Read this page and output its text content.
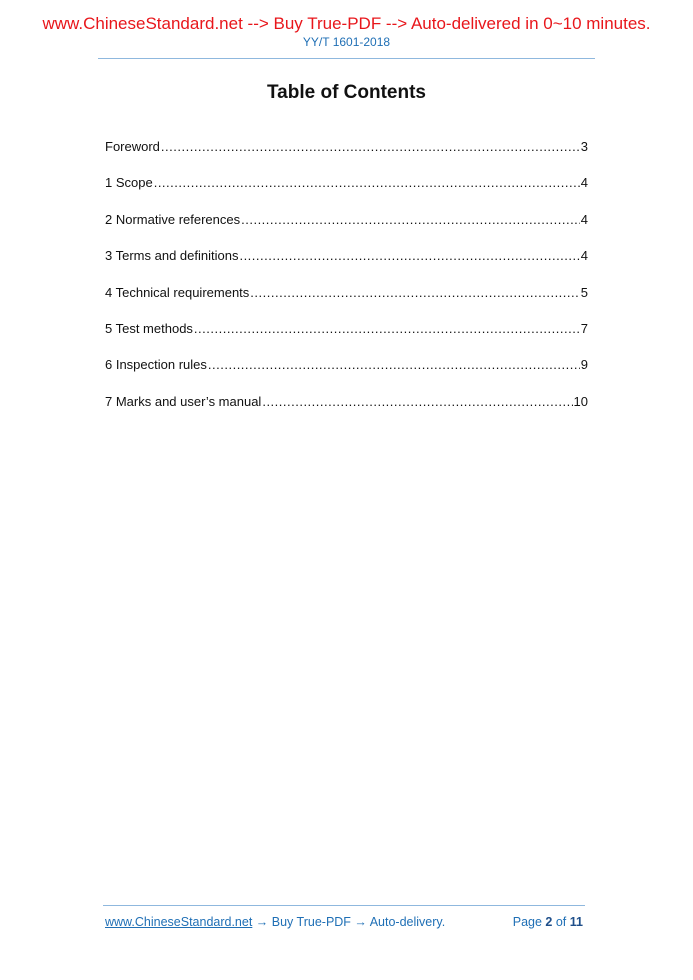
www.ChineseStandard.net --> Buy True-PDF --> Auto-delivered in 0~10 minutes.
YY/T 1601-2018
Table of Contents
Foreword .....	3
1 Scope .....	4
2 Normative references .....	4
3 Terms and definitions .....	4
4 Technical requirements .....	5
5 Test methods .....	7
6 Inspection rules .....	9
7 Marks and user’s manual .....	10
www.ChineseStandard.net → Buy True-PDF → Auto-delivery.	Page 2 of 11
